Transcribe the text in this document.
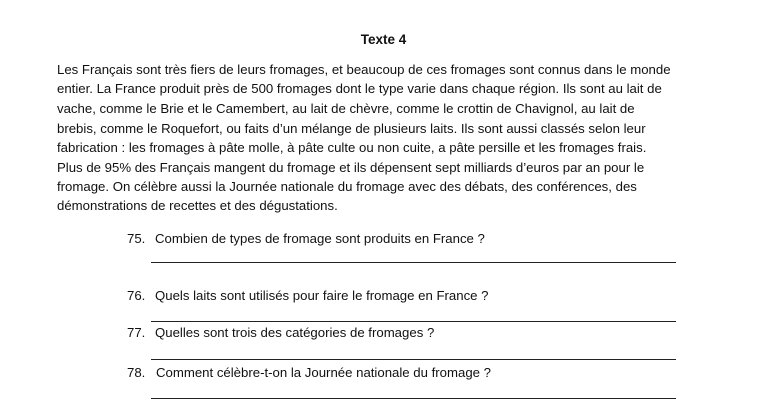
Texte 4
Les Français sont très fiers de leurs fromages, et beaucoup de ces fromages sont connus dans le monde
entier. La France produit près de 500 fromages dont le type varie dans chaque région. Ils sont au lait de
vache, comme le Brie et le Camembert, au lait de chèvre, comme le crottin de Chavignol, au lait de
brebis, comme le Roquefort, ou faits d’un mélange de plusieurs laits. Ils sont aussi classés selon leur
fabrication : les fromages à pâte molle, à pâte culte ou non cuite, a pâte persille et les fromages frais.
Plus de 95% des Français mangent du fromage et ils dépensent sept milliards d’euros par an pour le
fromage. On célèbre aussi la Journée nationale du fromage avec des débats, des conférences, des
démonstrations de recettes et des dégustations.
75. Combien de types de fromage sont produits en France ?
76. Quels laits sont utilisés pour faire le fromage en France ?
77. Quelles sont trois des catégories de fromages ?
78. Comment célèbre-t-on la Journée nationale du fromage ?
